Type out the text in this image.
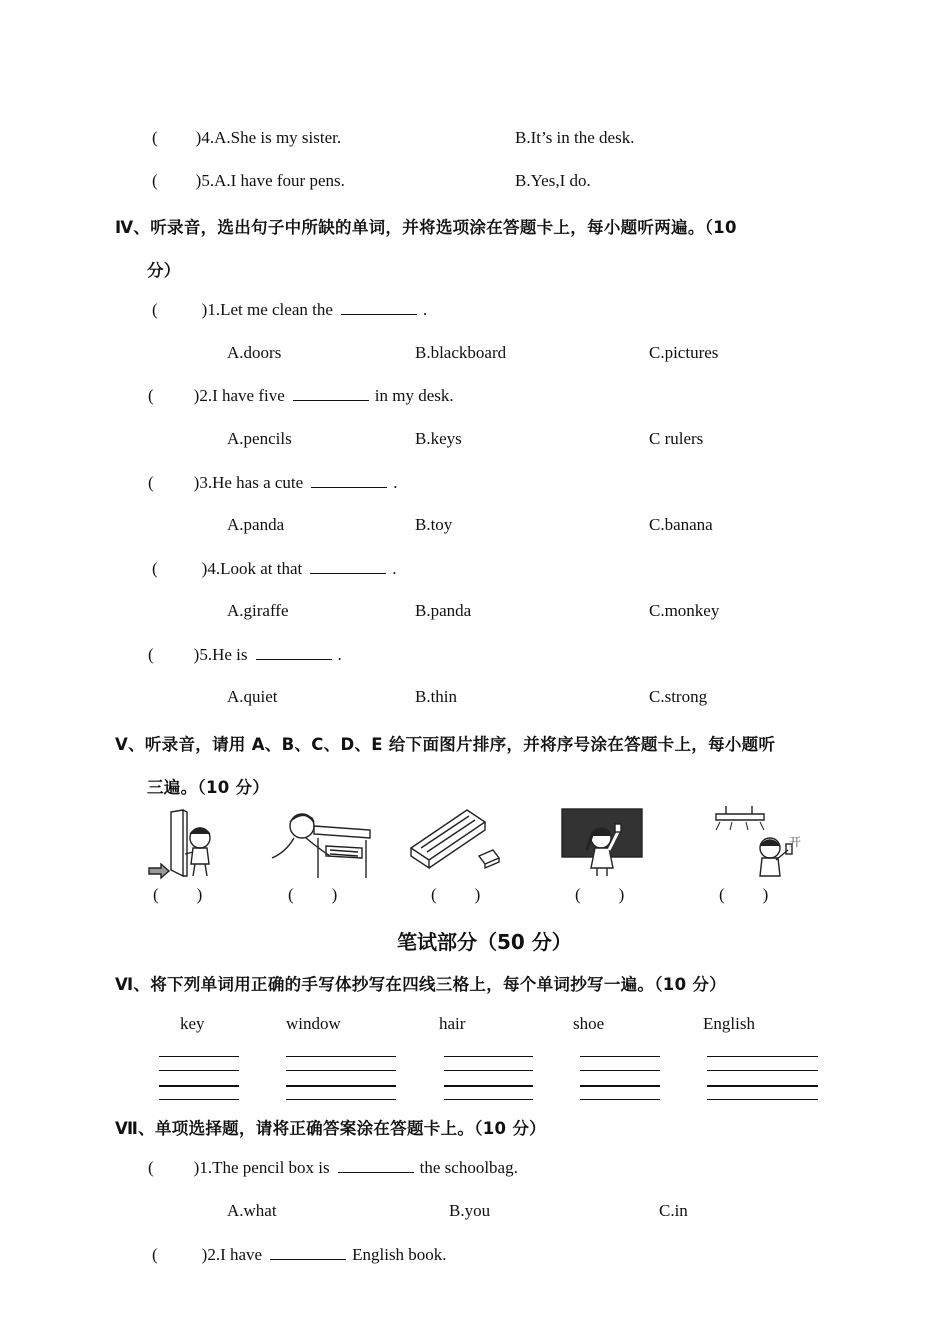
( )4.A.She is my sister.	B.It’s in the desk.
( )5.A.I have four pens.	B.Yes,I do.
Ⅳ、听录音，选出句子中所缺的单词，并将选项涂在答题卡上，每小题听两遍。（10
分）
(	)1.Let me clean the	.
A.doors	B.blackboard	C.pictures
( )2.I have five	in my desk.
A.pencils	B.keys	C rulers
( )3.He has a cute	.
A.panda	B.toy	C.banana
(	)4.Look at that	.
A.giraffe	B.panda	C.monkey
( )5.He is	.
A.quiet	B.thin	C.strong
Ⅴ、听录音，请用 A、B、C、D、E 给下面图片排序，并将序号涂在答题卡上，每小题听
三遍。（10 分）
开
( )	( )	( )	( )	( )
笔试部分（50 分）
Ⅵ、将下列单词用正确的手写体抄写在四线三格上，每个单词抄写一遍。（10 分）
key	window	hair	shoe	English
Ⅶ、单项选择题，请将正确答案涂在答题卡上。（10 分）
( )1.The pencil box is	the schoolbag.
A.what	B.you	C.in
(	)2.I have	English book.
